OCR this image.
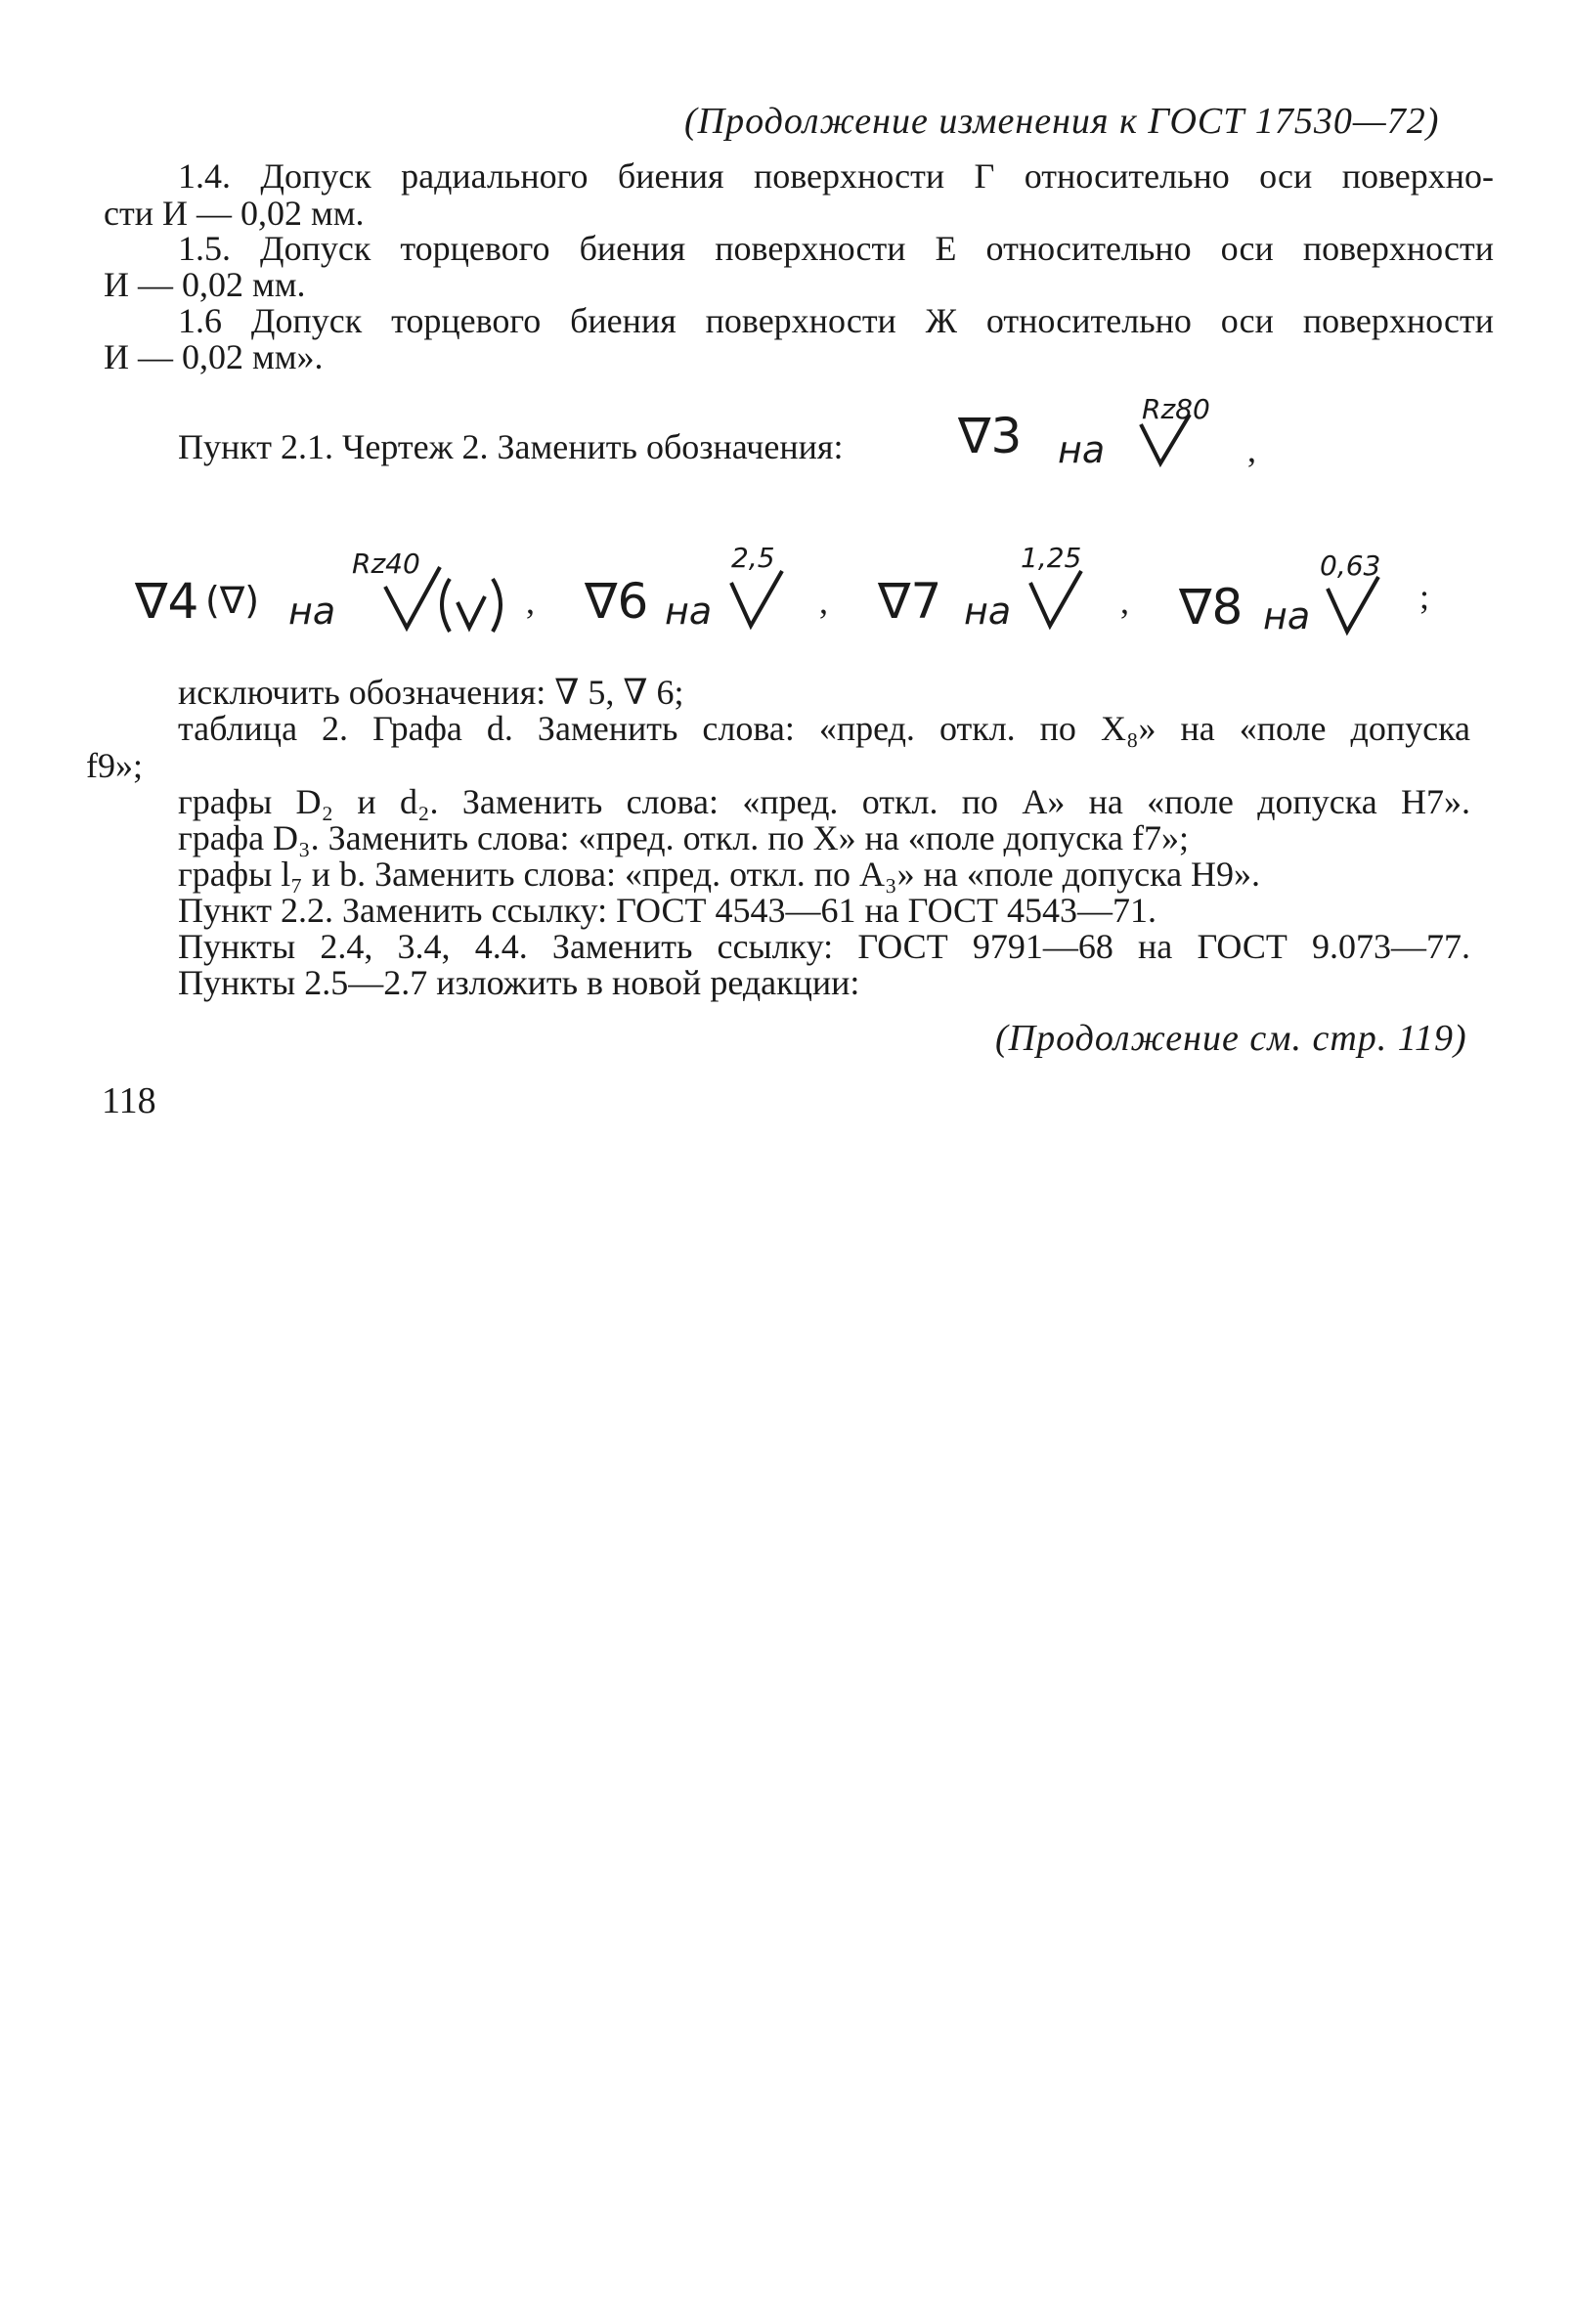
(Продолжение изменения к ГОСТ 17530—72)
1.4. Допуск радиального биения поверхности Г относительно оси поверхно-
сти И — 0,02 мм.
1.5. Допуск торцевого биения поверхности Е относительно оси поверхности
И — 0,02 мм.
1.6 Допуск торцевого биения поверхности Ж относительно оси поверхности
И — 0,02 мм».
Пункт 2.1. Чертеж 2. Заменить обозначения: ∇3 на
Rz80
,
∇4 (∇) на
Rz40
, ∇6 на
2,5
, ∇7 на
1,25
, ∇8 на
0,63
;
исключить обозначения: ∇ 5, ∇ 6;
таблица 2. Графа d. Заменить слова: «пред. откл. по X₈» на «поле допуска
f9»;
графы D₂ и d₂. Заменить слова: «пред. откл. по А» на «поле допуска H7».
графа D₃. Заменить слова: «пред. откл. по X» на «поле допуска f7»;
графы l₇ и b. Заменить слова: «пред. откл. по А₃» на «поле допуска H9».
Пункт 2.2. Заменить ссылку: ГОСТ 4543—61 на ГОСТ 4543—71.
Пункты 2.4, 3.4, 4.4. Заменить ссылку: ГОСТ 9791—68 на ГОСТ 9.073—77.
Пункты 2.5—2.7 изложить в новой редакции:
(Продолжение см. стр. 119)
118
